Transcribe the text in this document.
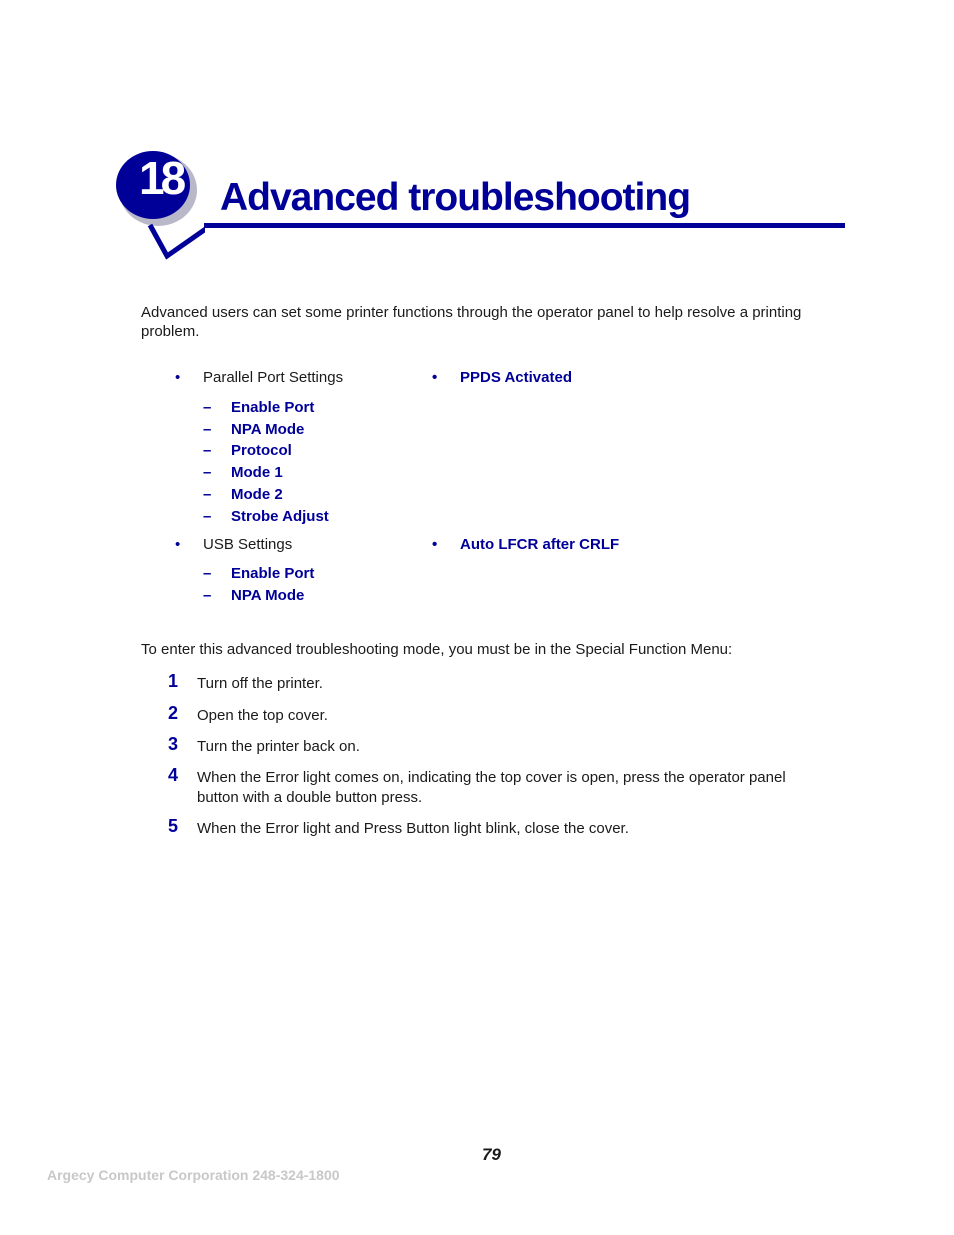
18 Advanced troubleshooting
Advanced users can set some printer functions through the operator panel to help resolve a printing problem.
• Parallel Port Settings
– Enable Port
– NPA Mode
– Protocol
– Mode 1
– Mode 2
– Strobe Adjust
• USB Settings
– Enable Port
– NPA Mode
• PPDS Activated
• Auto LFCR after CRLF
To enter this advanced troubleshooting mode, you must be in the Special Function Menu:
1 Turn off the printer.
2 Open the top cover.
3 Turn the printer back on.
4 When the Error light comes on, indicating the top cover is open, press the operator panel button with a double button press.
5 When the Error light and Press Button light blink, close the cover.
79
Argecy Computer Corporation 248-324-1800
